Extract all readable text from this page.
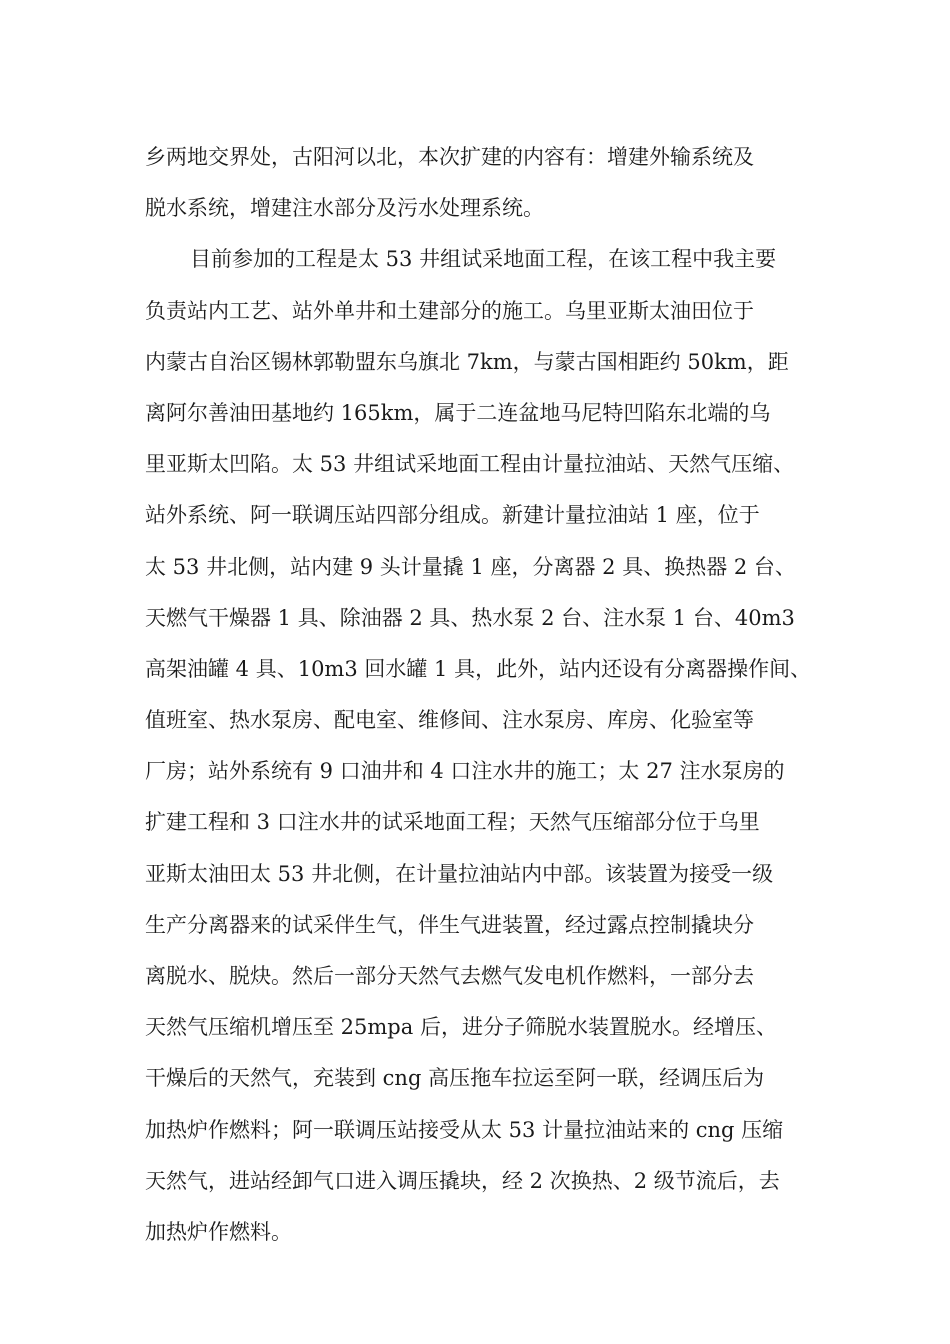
乡两地交界处，古阳河以北，本次扩建的内容有：增建外输系统及
脱水系统，增建注水部分及污水处理系统。
目前参加的工程是太 53 井组试采地面工程，在该工程中我主要
负责站内工艺、站外单井和土建部分的施工。乌里亚斯太油田位于
内蒙古自治区锡林郭勒盟东乌旗北 7km，与蒙古国相距约 50km，距
离阿尔善油田基地约 165km，属于二连盆地马尼特凹陷东北端的乌
里亚斯太凹陷。太 53 井组试采地面工程由计量拉油站、天然气压缩、
站外系统、阿一联调压站四部分组成。新建计量拉油站 1 座，位于
太 53 井北侧，站内建 9 头计量撬 1 座，分离器 2 具、换热器 2 台、
天燃气干燥器 1 具、除油器 2 具、热水泵 2 台、注水泵 1 台、40m3
高架油罐 4 具、10m3 回水罐 1 具，此外，站内还设有分离器操作间、
值班室、热水泵房、配电室、维修间、注水泵房、库房、化验室等
厂房；站外系统有 9 口油井和 4 口注水井的施工；太 27 注水泵房的
扩建工程和 3 口注水井的试采地面工程；天然气压缩部分位于乌里
亚斯太油田太 53 井北侧，在计量拉油站内中部。该装置为接受一级
生产分离器来的试采伴生气，伴生气进装置，经过露点控制撬块分
离脱水、脱炔。然后一部分天然气去燃气发电机作燃料，一部分去
天然气压缩机增压至 25mpa 后，进分子筛脱水装置脱水。经增压、
干燥后的天然气，充装到 cng 高压拖车拉运至阿一联，经调压后为
加热炉作燃料；阿一联调压站接受从太 53 计量拉油站来的 cng 压缩
天然气，进站经卸气口进入调压撬块，经 2 次换热、2 级节流后，去
加热炉作燃料。
